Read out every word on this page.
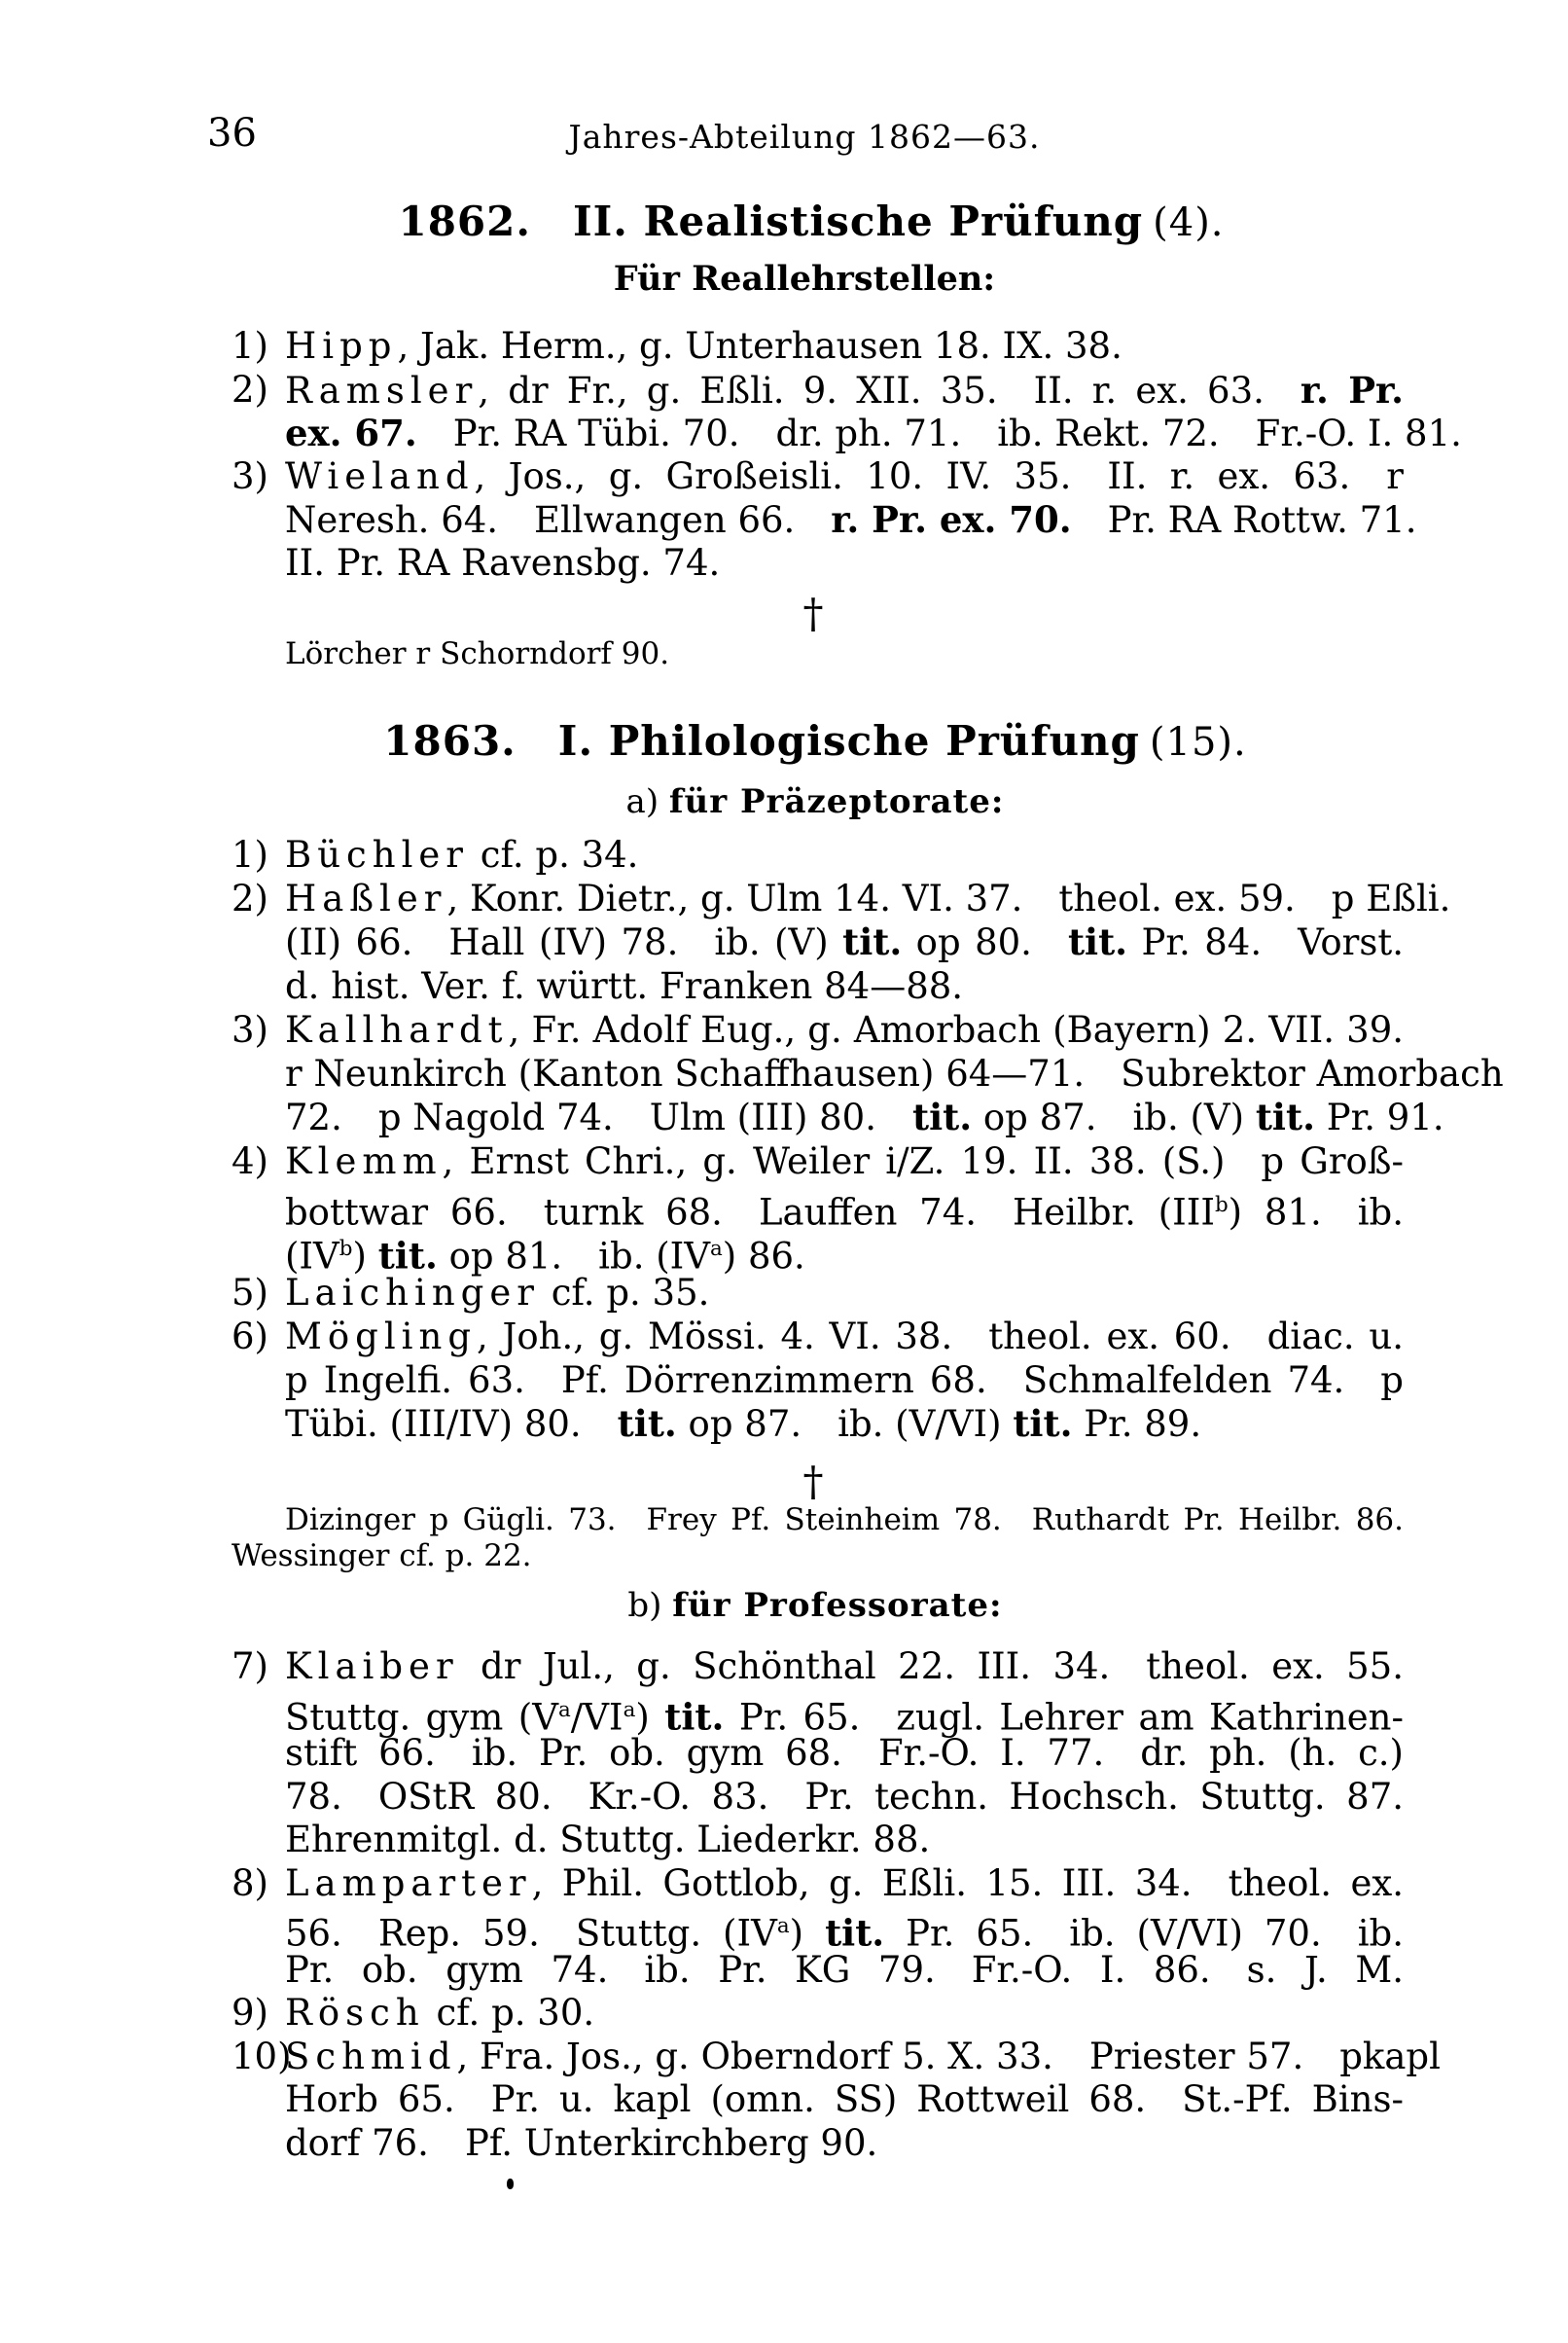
36	Jahres-Abteilung 1862—63.
1862. II. Realistische Prüfung (4).
Für Reallehrstellen:
1) Hipp, Jak. Herm., g. Unterhausen 18. IX. 38.
2) Ramsler, dr Fr., g. Eßli. 9. XII. 35. II. r. ex. 63. r. Pr.
ex. 67. Pr. RA Tübi. 70. dr. ph. 71. ib. Rekt. 72. Fr.-O. I. 81.
3) Wieland, Jos., g. Großeisli. 10. IV. 35. II. r. ex. 63. r
Neresh. 64. Ellwangen 66. r. Pr. ex. 70. Pr. RA Rottw. 71.
II. Pr. RA Ravensbg. 74.
†
Lörcher r Schorndorf 90.
1863. I. Philologische Prüfung (15).
a) für Präzeptorate:
1) Büchler cf. p. 34.
2) Haßler, Konr. Dietr., g. Ulm 14. VI. 37. theol. ex. 59. p Eßli.
(II) 66. Hall (IV) 78. ib. (V) tit. op 80. tit. Pr. 84. Vorst.
d. hist. Ver. f. württ. Franken 84—88.
3) Kallhardt, Fr. Adolf Eug., g. Amorbach (Bayern) 2. VII. 39.
r Neunkirch (Kanton Schaffhausen) 64—71. Subrektor Amorbach
72. p Nagold 74. Ulm (III) 80. tit. op 87. ib. (V) tit. Pr. 91.
4) Klemm, Ernst Chri., g. Weiler i/Z. 19. II. 38. (S.) p Groß-
bottwar 66. turnk 68. Lauffen 74. Heilbr. (III$^b$) 81. ib.
$(IV^b)$ tit. op 81. ib. $(IV^a)$ 86.
5) Laichinger cf. p. 35.
6) Mögling, Joh., g. Mössi. 4. VI. 38. theol. ex. 60. diac. u.
p Ingelfi. 63. Pf. Dörrenzimmern 68. Schmalfelden 74. p
Tübi. (III/IV) 80. tit. op 87. ib. (V/VI) tit. Pr. 89.
†
Dizinger p Gügli. 73. Frey Pf. Steinheim 78. Ruthardt Pr. Heilbr. 86.
Wessinger cf. p. 22.
b) für Professorate:
7) Klaiber dr Jul., g. Schönthal 22. III. 34. theol. ex. 55.
Stuttg. gym $(V^a/VI^a)$ tit. Pr. 65. zugl. Lehrer am Kathrinen-
stift 66. ib. Pr. ob. gym 68. Fr.-O. I. 77. dr. ph. (h. c.)
78. OStR 80. Kr.-O. 83. Pr. techn. Hochsch. Stuttg. 87.
Ehrenmitgl. d. Stuttg. Liederkr. 88.
8) Lamparter, Phil. Gottlob, g. Eßli. 15. III. 34. theol. ex.
56. Rep. 59. Stuttg. $(IV^a)$ tit. Pr. 65. ib. (V/VI) 70. ib.
Pr. ob. gym 74. ib. Pr. KG 79. Fr.-O. I. 86. s. J. M.
9) Rösch cf. p. 30.
10)
Schmid, Fra. Jos., g. Oberndorf 5. X. 33. Priester 57. pkapl
Horb 65. Pr. u. kapl (omn. SS) Rottweil 68. St.-Pf. Bins-
dorf 76. Pf. Unterkirchberg 90.
